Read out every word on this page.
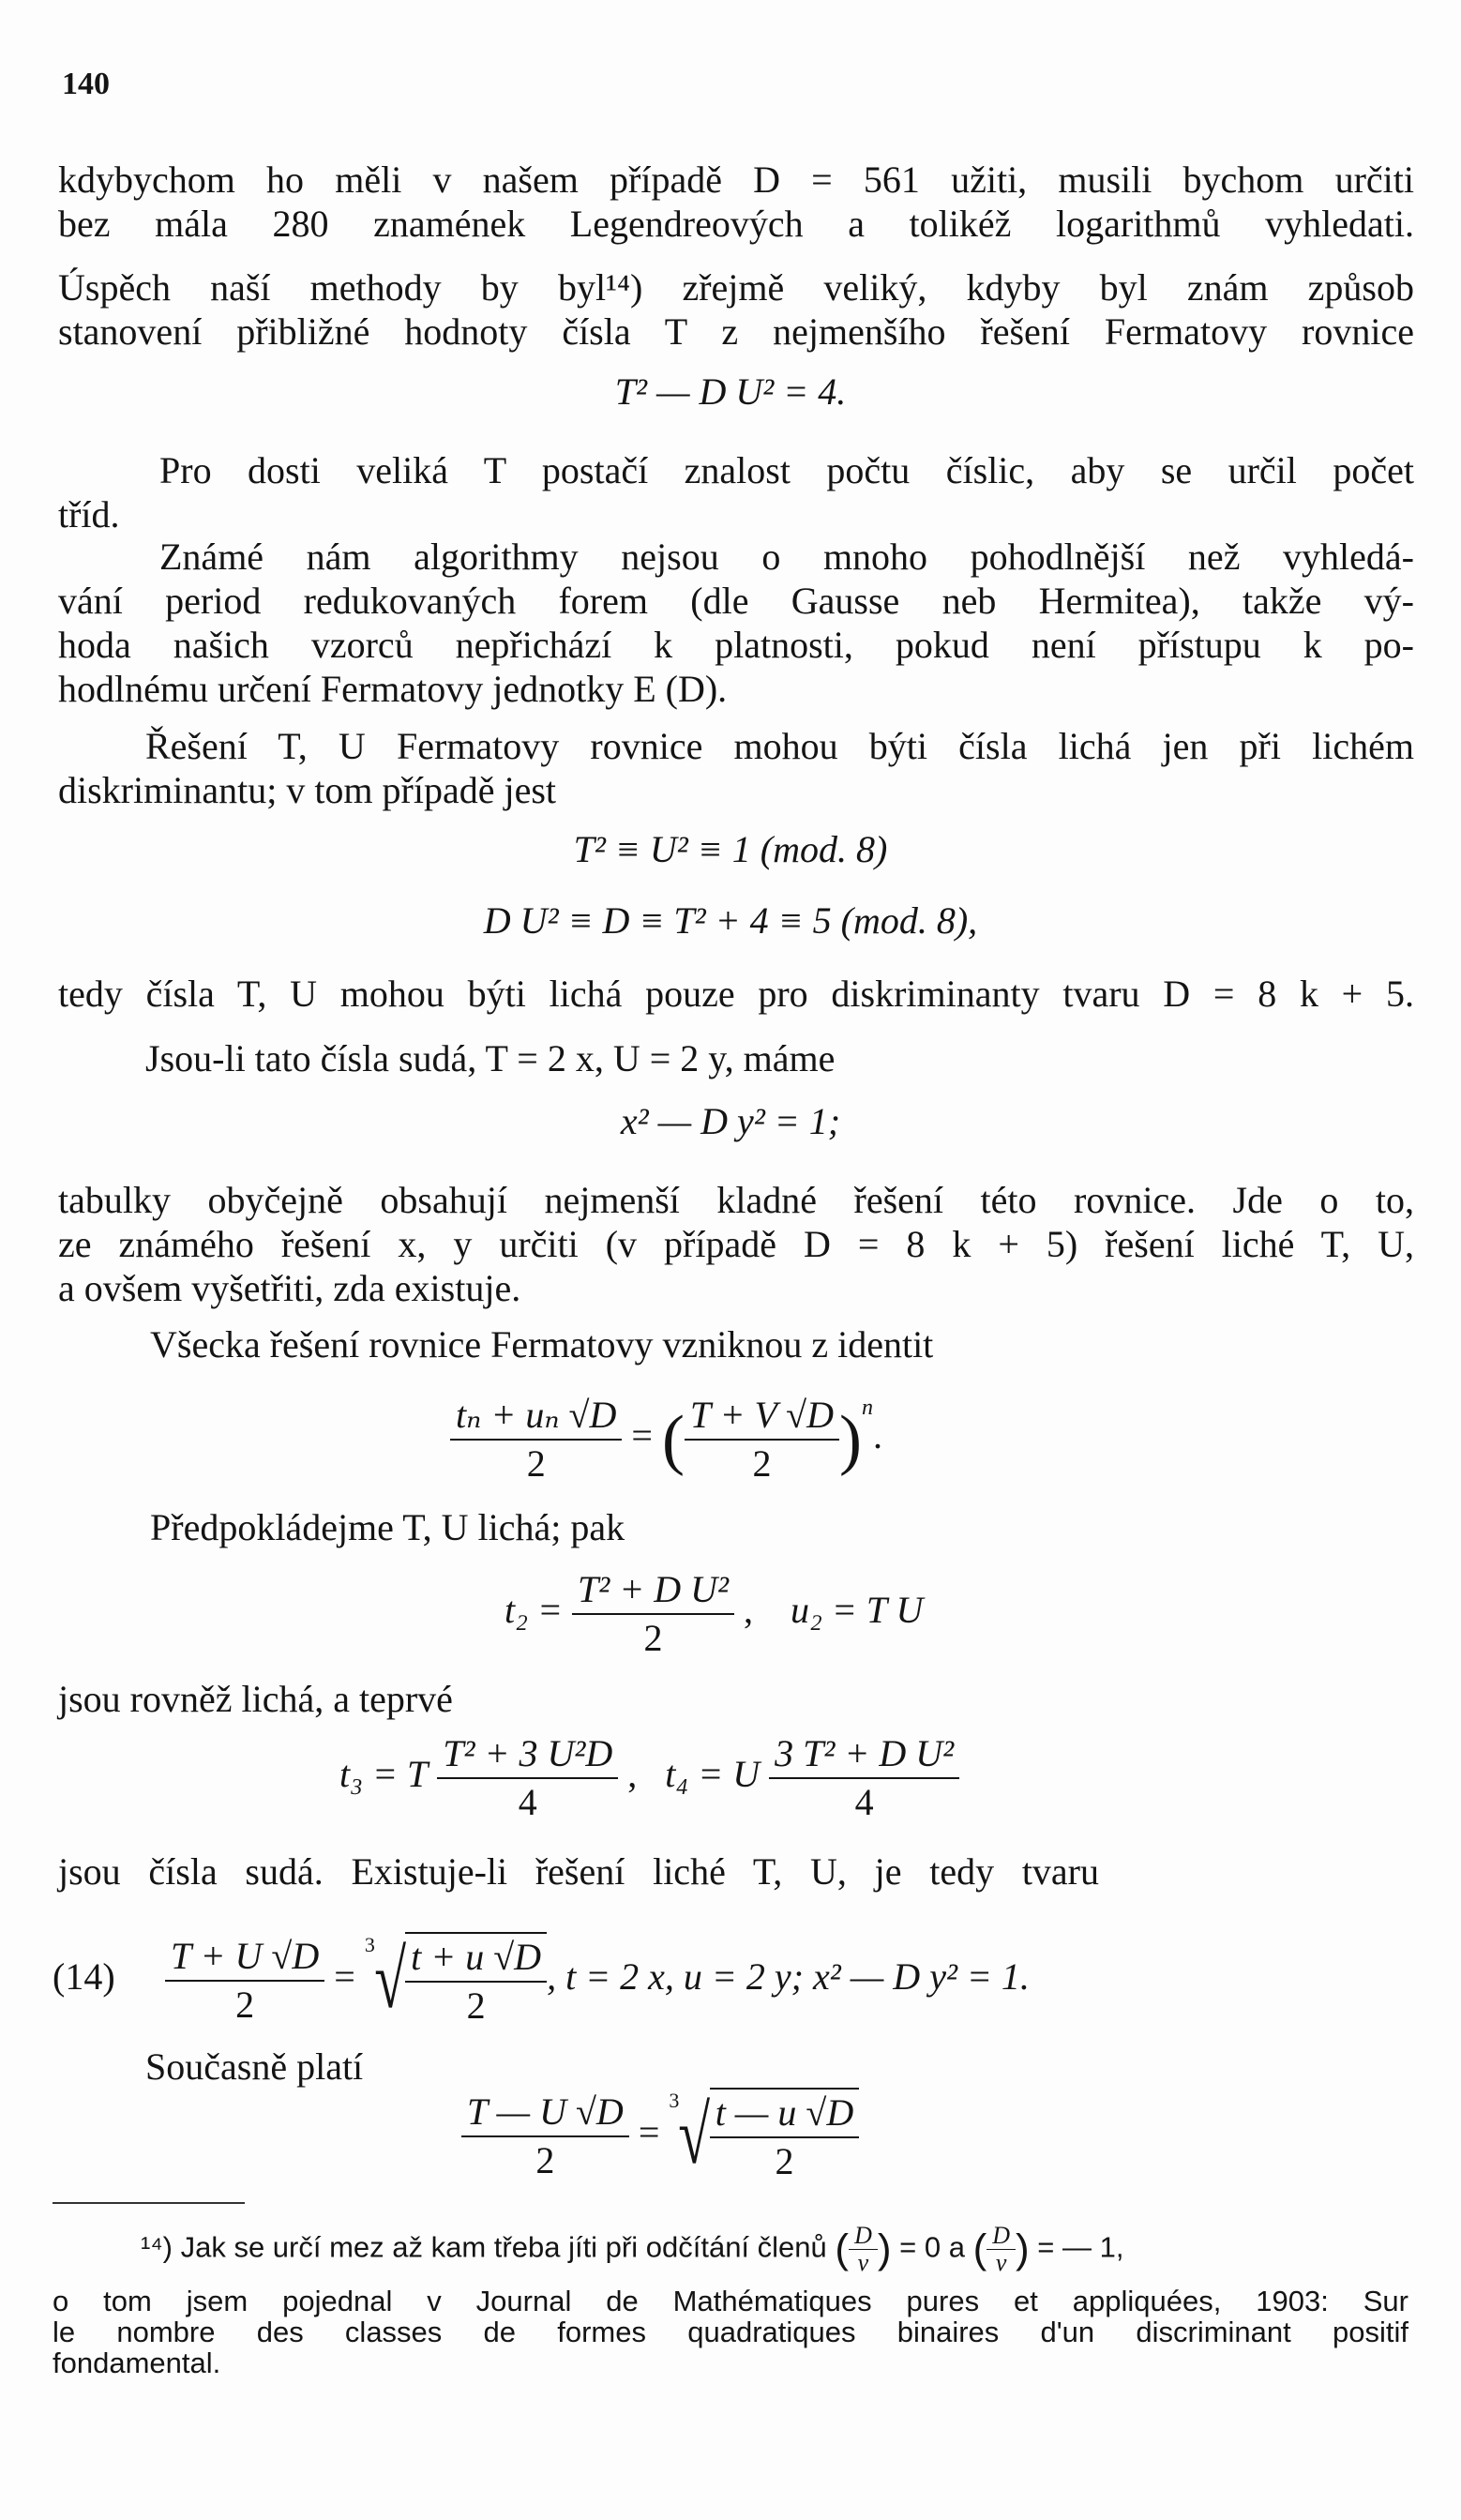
140
kdybychom ho měli v našem případě D = 561 užiti, musili bychom určiti
bez mála 280 znamének Legendreových a tolikéž logarithmů vyhledati.
Úspěch naší methody by byl¹⁴) zřejmě veliký, kdyby byl znám způsob
stanovení přibližné hodnoty čísla T z nejmenšího řešení Fermatovy rovnice
T² — D U² = 4.
Pro dosti veliká T postačí znalost počtu číslic, aby se určil počet
tříd.
Známé nám algorithmy nejsou o mnoho pohodlnější než vyhledá-
vání period redukovaných forem (dle Gausse neb Hermitea), takže vý-
hoda našich vzorců nepřichází k platnosti, pokud není přístupu k po-
hodlnému určení Fermatovy jednotky E (D).
Řešení T, U Fermatovy rovnice mohou býti čísla lichá jen při lichém
diskriminantu; v tom případě jest
T² ≡ U² ≡ 1 (mod. 8)
D U² ≡ D ≡ T² + 4 ≡ 5 (mod. 8),
tedy čísla T, U mohou býti lichá pouze pro diskriminanty tvaru D = 8 k + 5.
Jsou-li tato čísla sudá, T = 2 x, U = 2 y, máme
x² — D y² = 1;
tabulky obyčejně obsahují nejmenší kladné řešení této rovnice. Jde o to,
ze známého řešení x, y určiti (v případě D = 8 k + 5) řešení liché T, U,
a ovšem vyšetřiti, zda existuje.
Všecka řešení rovnice Fermatovy vzniknou z identit
$\frac{\text{tₙ + uₙ √D}}{2}$ = ( $\frac{T + V √D}{2} )^n$.
Předpokládejme T, U lichá; pak
$t_2 = \frac{\text{T² + D U²}}{2}$ , u₂ = T U
jsou rovněž lichá, a teprvé
t₃ = T $\frac{\text{T² + 3 U²D}}{4}$ , t₄ = U $\frac{\text{3 T² + D U²}}{4}$
jsou čísla sudá. Existuje-li řešení liché T, U, je tedy tvaru
$(14) \frac{T + U √D}{2} = ^3√ \frac{t + u √D}{2}$ , t = 2 x, u = 2 y; x² — D y² = 1.
Současně platí
$\frac{T — U √D}{2} = ^3√ \frac{t — u √D}{2}$
¹⁴) Jak se určí mez až kam třeba jíti při odčítání členů ( $\frac{D}{\nu}$ ) = 0 a ( $\frac{D}{\nu}$ ) = — 1,
o tom jsem pojednal v Journal de Mathématiques pures et appliquées, 1903: Sur
le nombre des classes de formes quadratiques binaires d'un discriminant positif
fondamental.
